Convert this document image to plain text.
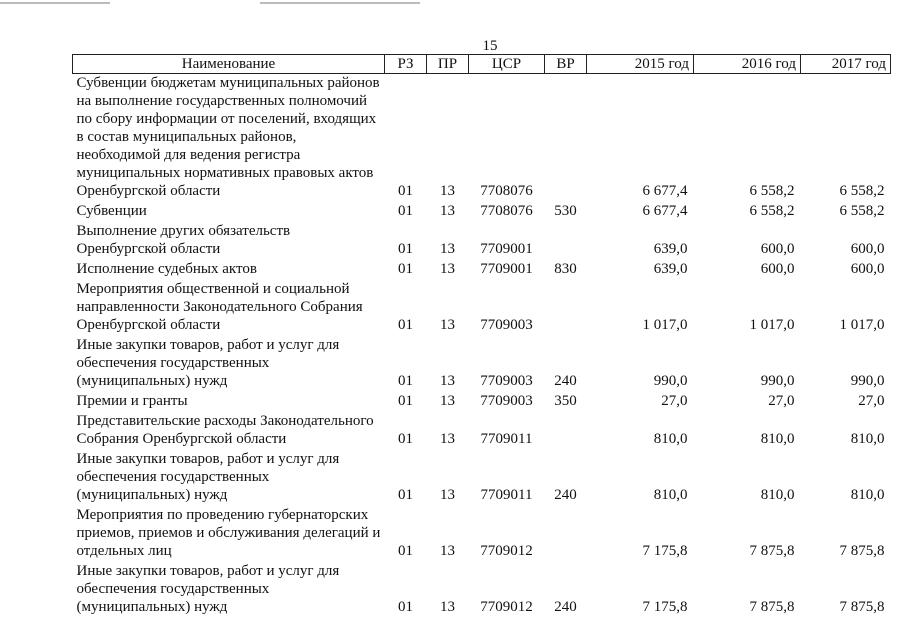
15
Наименование	РЗ	ПР	ЦСР	ВР	2015 год	2016 год	2017 год
Субвенции бюджетам муниципальных районов на выполнение государственных полномочий по сбору информации от поселений, входящих в состав муниципальных районов, необходимой для ведения регистра муниципальных нормативных правовых актов Оренбургской области	01	13	7708076		6 677,4	6 558,2	6 558,2
Субвенции	01	13	7708076	530	6 677,4	6 558,2	6 558,2
Выполнение других обязательств Оренбургской области	01	13	7709001		639,0	600,0	600,0
Исполнение судебных актов	01	13	7709001	830	639,0	600,0	600,0
Мероприятия общественной и социальной направленности Законодательного Собрания Оренбургской области	01	13	7709003		1 017,0	1 017,0	1 017,0
Иные закупки товаров, работ и услуг для обеспечения государственных (муниципальных) нужд	01	13	7709003	240	990,0	990,0	990,0
Премии и гранты	01	13	7709003	350	27,0	27,0	27,0
Представительские расходы Законодательного Собрания Оренбургской области	01	13	7709011		810,0	810,0	810,0
Иные закупки товаров, работ и услуг для обеспечения государственных (муниципальных) нужд	01	13	7709011	240	810,0	810,0	810,0
Мероприятия по проведению губернаторских приемов, приемов и обслуживания делегаций и отдельных лиц	01	13	7709012		7 175,8	7 875,8	7 875,8
Иные закупки товаров, работ и услуг для обеспечения государственных (муниципальных) нужд	01	13	7709012	240	7 175,8	7 875,8	7 875,8
